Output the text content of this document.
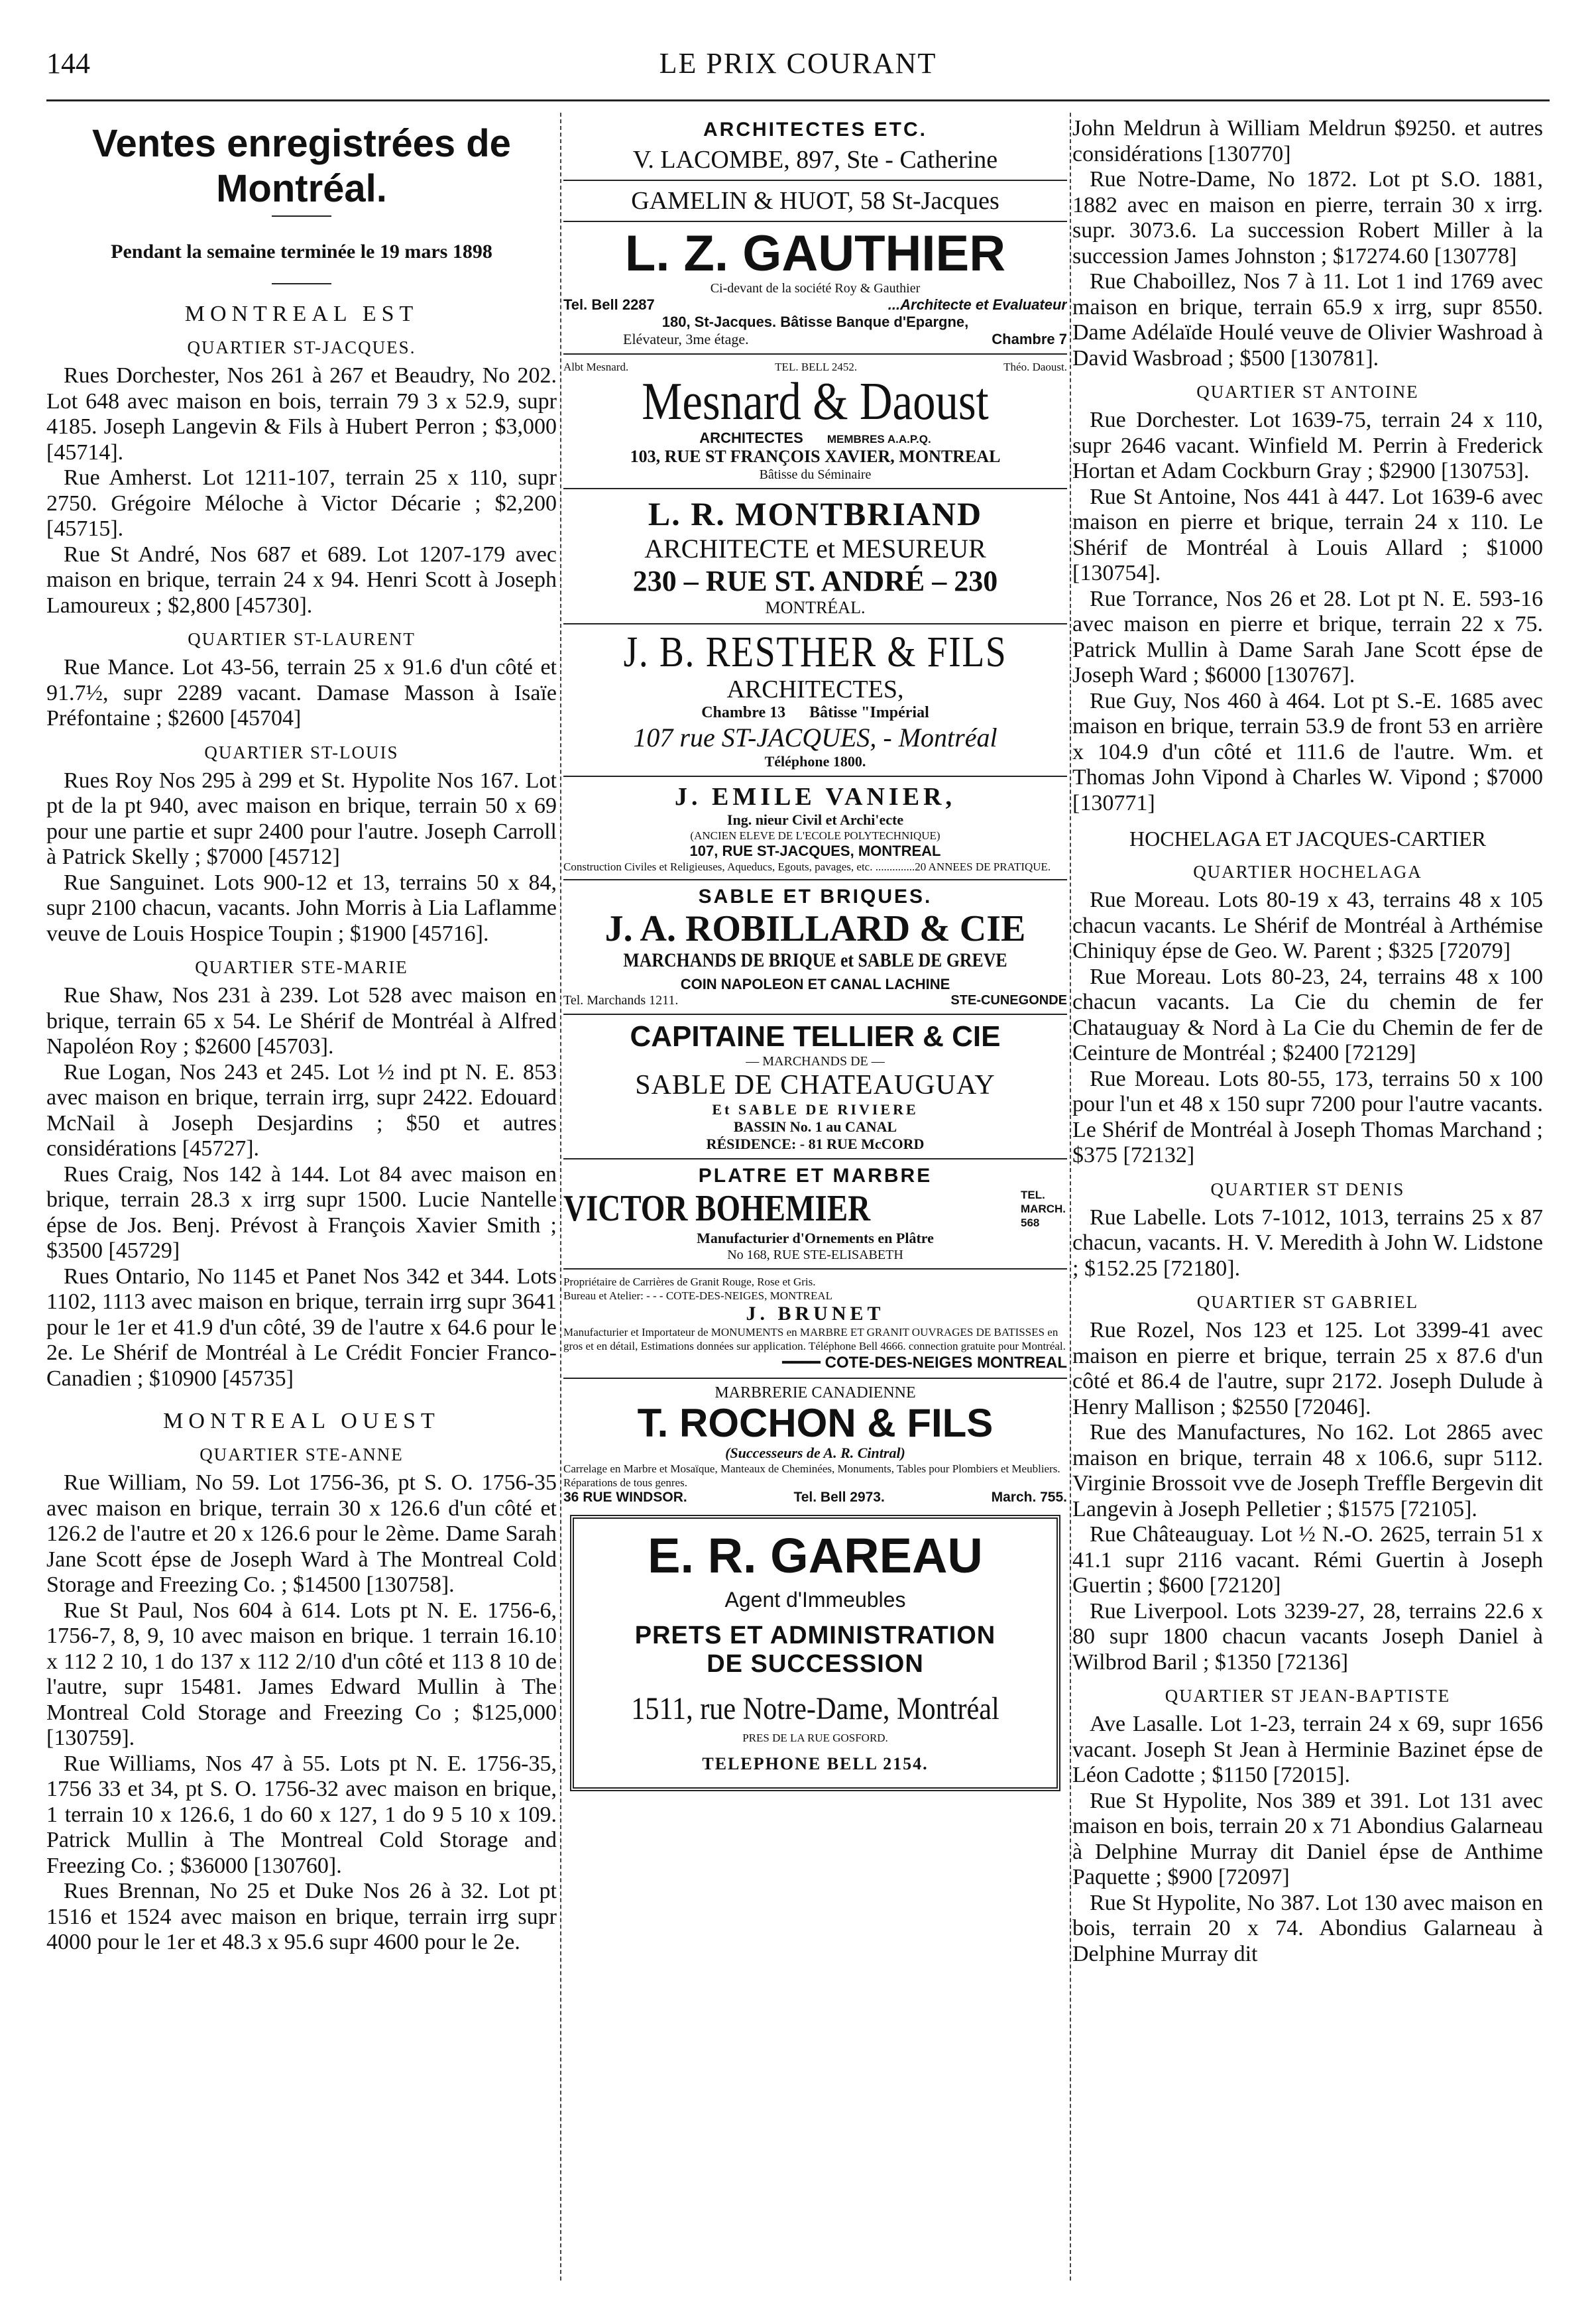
144	LE PRIX COURANT
Ventes enregistrées de Montréal.
Pendant la semaine terminée le 19 mars 1898
MONTREAL EST
QUARTIER ST-JACQUES.

Rues Dorchester, Nos 261 à 267 et Beaudry, No 202. Lot 648 avec maison en bois, terrain 79 3 x 52.9, supr 4185. Joseph Langevin & Fils à Hubert Perron ; $3,000 [45714].

Rue Amherst. Lot 1211-107, terrain 25 x 110, supr 2750. Grégoire Méloche à Victor Décarie ; $2,200 [45715].

Rue St André, Nos 687 et 689. Lot 1207-179 avec maison en brique, terrain 24 x 94. Henri Scott à Joseph Lamoureux ; $2,800 [45730].

QUARTIER ST-LAURENT

Rue Mance. Lot 43-56, terrain 25 x 91.6 d'un côté et 91.7½, supr 2289 vacant. Damase Masson à Isaïe Préfontaine ; $2600 [45704]

QUARTIER ST-LOUIS

Rues Roy Nos 295 à 299 et St. Hypolite Nos 167. Lot pt de la pt 940, avec maison en brique, terrain 50 x 69 pour une partie et supr 2400 pour l'autre. Joseph Carroll à Patrick Skelly ; $7000 [45712]

Rue Sanguinet. Lots 900-12 et 13, terrains 50 x 84, supr 2100 chacun, vacants. John Morris à Lia Laflamme veuve de Louis Hospice Toupin ; $1900 [45716].

QUARTIER STE-MARIE

Rue Shaw, Nos 231 à 239. Lot 528 avec maison en brique, terrain 65 x 54. Le Shérif de Montréal à Alfred Napoléon Roy ; $2600 [45703].

Rue Logan, Nos 243 et 245. Lot ½ ind pt N. E. 853 avec maison en brique, terrain irrg, supr 2422. Edouard McNail à Joseph Desjardins ; $50 et autres considérations [45727].

Rues Craig, Nos 142 à 144. Lot 84 avec maison en brique, terrain 28.3 x irrg supr 1500. Lucie Nantelle épse de Jos. Benj. Prévost à François Xavier Smith ; $3500 [45729]

Rues Ontario, No 1145 et Panet Nos 342 et 344. Lots 1102, 1113 avec maison en brique, terrain irrg supr 3641 pour le 1er et 41.9 d'un côté, 39 de l'autre x 64.6 pour le 2e. Le Shérif de Montréal à Le Crédit Foncier Franco-Canadien ; $10900 [45735]

MONTREAL OUEST
QUARTIER STE-ANNE

Rue William, No 59. Lot 1756-36, pt S. O. 1756-35 avec maison en brique, terrain 30 x 126.6 d'un côté et 126.2 de l'autre et 20 x 126.6 pour le 2ème. Dame Sarah Jane Scott épse de Joseph Ward à The Montreal Cold Storage and Freezing Co. ; $14500 [130758].

Rue St Paul, Nos 604 à 614. Lots pt N. E. 1756-6, 1756-7, 8, 9, 10 avec maison en brique. 1 terrain 16.10 x 112 2 10, 1 do 137 x 112 2/10 d'un côté et 113 8 10 de l'autre, supr 15481. James Edward Mullin à The Montreal Cold Storage and Freezing Co ; $125,000 [130759].

Rue Williams, Nos 47 à 55. Lots pt N. E. 1756-35, 1756 33 et 34, pt S. O. 1756-32 avec maison en brique, 1 terrain 10 x 126.6, 1 do 60 x 127, 1 do 9 5 10 x 109. Patrick Mullin à The Montreal Cold Storage and Freezing Co. ; $36000 [130760].

Rues Brennan, No 25 et Duke Nos 26 à 32. Lot pt 1516 et 1524 avec maison en brique, terrain irrg supr 4000 pour le 1er et 48.3 x 95.6 supr 4600 pour le 2e.

ARCHITECTES ETC.
V. LACOMBE, 897, Ste - Catherine
GAMELIN & HUOT, 58 St-Jacques
L. Z. GAUTHIER
Ci-devant de la société Roy & Gauthier
Tel. Bell 2287	...Architecte et Evaluateur
180, St-Jacques. Bâtisse Banque d'Epargne,
Elévateur, 3me étage.	Chambre 7
Albt Mesnard.	TEL. BELL 2452.	Théo. Daoust.
Mesnard & Daoust
ARCHITECTES MEMBRES A.A.P.Q.
103, RUE ST FRANÇOIS XAVIER, MONTREAL
Bâtisse du Séminaire
L. R. MONTBRIAND
ARCHITECTE et MESUREUR
230 – RUE ST. ANDRÉ – 230
MONTRÉAL.
J. B. RESTHER & FILS
ARCHITECTES,
Chambre 13 Bâtisse "Impérial
107 rue ST-JACQUES, - Montréal
Téléphone 1800.
J. EMILE VANIER,
Ing. nieur Civil et Archi'ecte
(ANCIEN ELEVE DE L'ECOLE POLYTECHNIQUE)
107, RUE ST-JACQUES, MONTREAL
Construction Civiles et Religieuses, Aqueducs, Egouts, pavages, etc. ..............20 ANNEES DE PRATIQUE.
SABLE ET BRIQUES.
J. A. ROBILLARD & CIE
MARCHANDS DE BRIQUE et SABLE DE GREVE
COIN NAPOLEON ET CANAL LACHINE
Tel. Marchands 1211.	STE-CUNEGONDE
CAPITAINE TELLIER & CIE
— MARCHANDS DE —
SABLE DE CHATEAUGUAY
Et SABLE DE RIVIERE
BASSIN No. 1 au CANAL
RÉSIDENCE: - 81 RUE McCORD
PLATRE ET MARBRE
VICTOR BOHEMIER	TEL. MARCH. 568
Manufacturier d'Ornements en Plâtre
No 168, RUE STE-ELISABETH
Propriétaire de Carrières de Granit Rouge, Rose et Gris.
Bureau et Atelier: - - - COTE-DES-NEIGES, MONTREAL
J. BRUNET
Manufacturier et Importateur de MONUMENTS en MARBRE ET GRANIT OUVRAGES DE BATISSES en gros et en détail, Estimations données sur application. Téléphone Bell 4666. connection gratuite pour Montréal.
━━━━ COTE-DES-NEIGES MONTREAL
MARBRERIE CANADIENNE
T. ROCHON & FILS
(Successeurs de A. R. Cintral)
Carrelage en Marbre et Mosaïque, Manteaux de Cheminées, Monuments, Tables pour Plombiers et Meubliers. Réparations de tous genres.
36 RUE WINDSOR.	Tel. Bell 2973.	March. 755.
E. R. GAREAU
Agent d'Immeubles
PRETS ET ADMINISTRATION
DE SUCCESSION
1511, rue Notre-Dame, Montréal
PRES DE LA RUE GOSFORD.
TELEPHONE BELL 2154.

John Meldrun à William Meldrun $9250. et autres considérations [130770]

Rue Notre-Dame, No 1872. Lot pt S.O. 1881, 1882 avec en maison en pierre, terrain 30 x irrg. supr. 3073.6. La succession Robert Miller à la succession James Johnston ; $17274.60 [130778]

Rue Chaboillez, Nos 7 à 11. Lot 1 ind 1769 avec maison en brique, terrain 65.9 x irrg, supr 8550. Dame Adélaïde Houlé veuve de Olivier Washroad à David Wasbroad ; $500 [130781].

QUARTIER ST ANTOINE

Rue Dorchester. Lot 1639-75, terrain 24 x 110, supr 2646 vacant. Winfield M. Perrin à Frederick Hortan et Adam Cockburn Gray ; $2900 [130753].

Rue St Antoine, Nos 441 à 447. Lot 1639-6 avec maison en pierre et brique, terrain 24 x 110. Le Shérif de Montréal à Louis Allard ; $1000 [130754].

Rue Torrance, Nos 26 et 28. Lot pt N. E. 593-16 avec maison en pierre et brique, terrain 22 x 75. Patrick Mullin à Dame Sarah Jane Scott épse de Joseph Ward ; $6000 [130767].

Rue Guy, Nos 460 à 464. Lot pt S.-E. 1685 avec maison en brique, terrain 53.9 de front 53 en arrière x 104.9 d'un côté et 111.6 de l'autre. Wm. et Thomas John Vipond à Charles W. Vipond ; $7000 [130771]

HOCHELAGA ET JACQUES-CARTIER
QUARTIER HOCHELAGA

Rue Moreau. Lots 80-19 x 43, terrains 48 x 105 chacun vacants. Le Shérif de Montréal à Arthémise Chiniquy épse de Geo. W. Parent ; $325 [72079]

Rue Moreau. Lots 80-23, 24, terrains 48 x 100 chacun vacants. La Cie du chemin de fer Chatauguay & Nord à La Cie du Chemin de fer de Ceinture de Montréal ; $2400 [72129]

Rue Moreau. Lots 80-55, 173, terrains 50 x 100 pour l'un et 48 x 150 supr 7200 pour l'autre vacants. Le Shérif de Montréal à Joseph Thomas Marchand ; $375 [72132]

QUARTIER ST DENIS

Rue Labelle. Lots 7-1012, 1013, terrains 25 x 87 chacun, vacants. H. V. Meredith à John W. Lidstone ; $152.25 [72180].

QUARTIER ST GABRIEL

Rue Rozel, Nos 123 et 125. Lot 3399-41 avec maison en pierre et brique, terrain 25 x 87.6 d'un côté et 86.4 de l'autre, supr 2172. Joseph Dulude à Henry Mallison ; $2550 [72046].

Rue des Manufactures, No 162. Lot 2865 avec maison en brique, terrain 48 x 106.6, supr 5112. Virginie Brossoit vve de Joseph Treffle Bergevin dit Langevin à Joseph Pelletier ; $1575 [72105].

Rue Châteauguay. Lot ½ N.-O. 2625, terrain 51 x 41.1 supr 2116 vacant. Rémi Guertin à Joseph Guertin ; $600 [72120]

Rue Liverpool. Lots 3239-27, 28, terrains 22.6 x 80 supr 1800 chacun vacants Joseph Daniel à Wilbrod Baril ; $1350 [72136]

QUARTIER ST JEAN-BAPTISTE

Ave Lasalle. Lot 1-23, terrain 24 x 69, supr 1656 vacant. Joseph St Jean à Herminie Bazinet épse de Léon Cadotte ; $1150 [72015].

Rue St Hypolite, Nos 389 et 391. Lot 131 avec maison en bois, terrain 20 x 71 Abondius Galarneau à Delphine Murray dit Daniel épse de Anthime Paquette ; $900 [72097]

Rue St Hypolite, No 387. Lot 130 avec maison en bois, terrain 20 x 74. Abondius Galarneau à Delphine Murray dit
